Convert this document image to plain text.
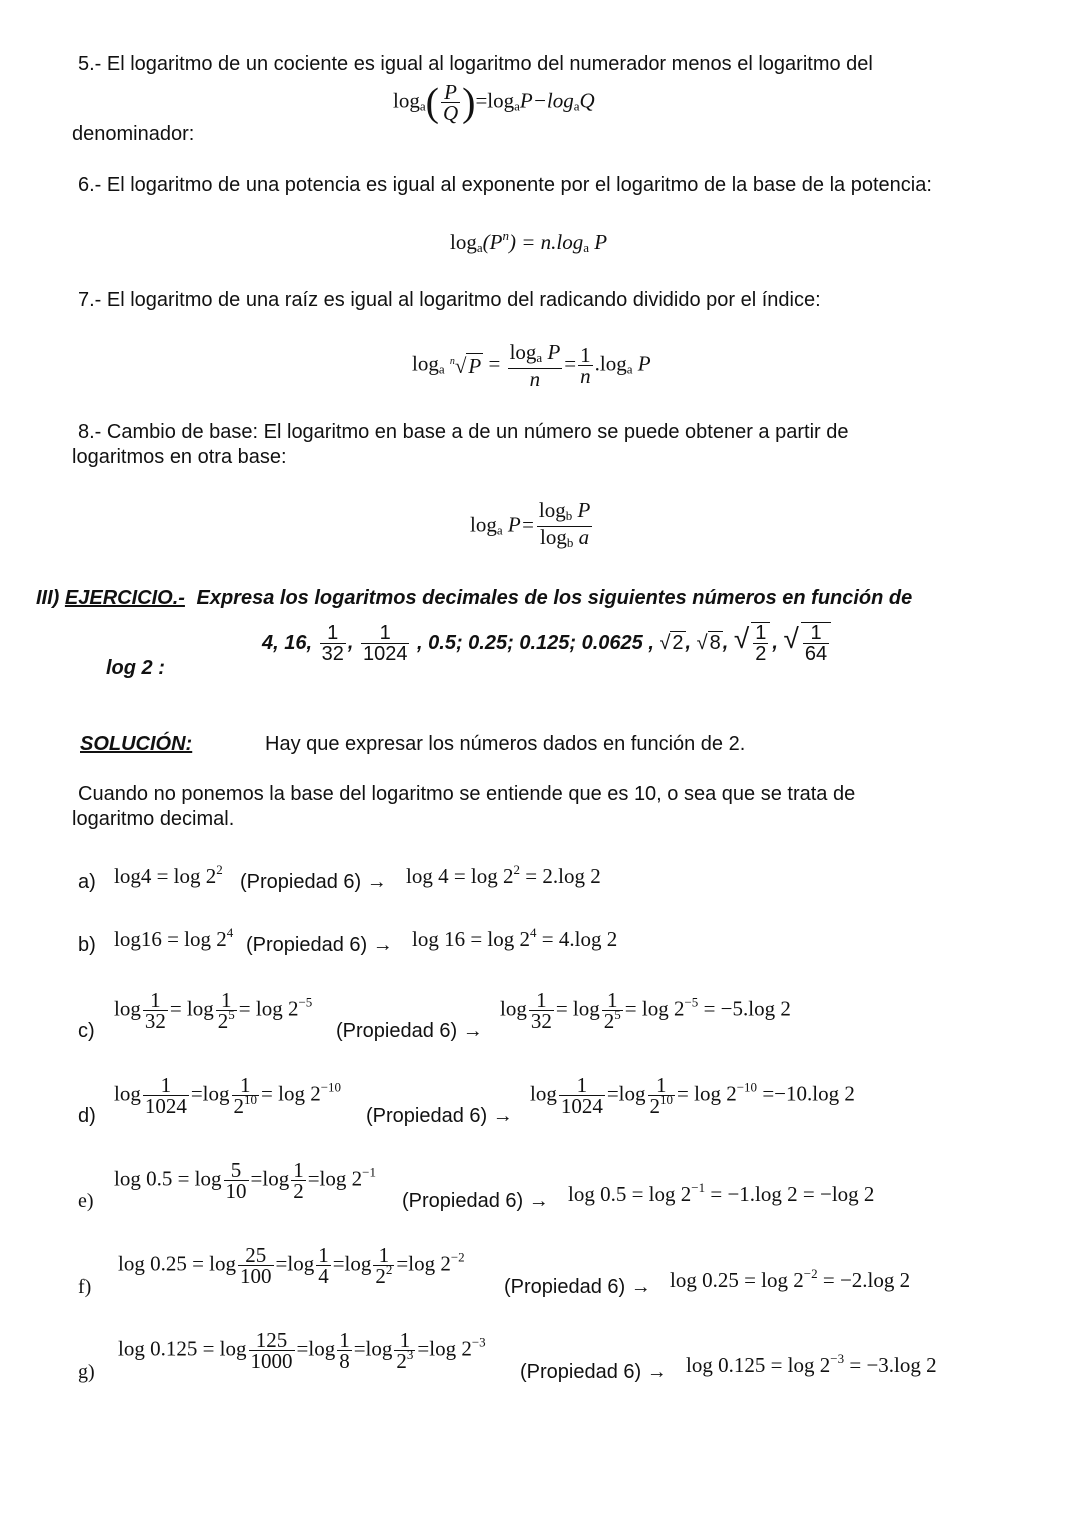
5.- El logaritmo de un cociente es igual al logaritmo del numerador menos el logaritmo del
$\log_a( \frac{P}{Q} )=\log_aP-\log_aQ$
denominador:
6.- El logaritmo de una potencia es igual al exponente por el logaritmo de la base de la potencia:
$\log_a(P^n) = n.\log_a$ P
7.- El logaritmo de una raíz es igual al logaritmo del radicando dividido por el índice:
$\log_a ^n√P = \frac{\log_a P}{n} = \frac{1}{n} .\log_a$ P
8.- Cambio de base: El logaritmo en base a de un número se puede obtener a partir de
logaritmos en otra base:
$\log_a P= \frac{\log_b P}{\log_b a}$
III) EJERCICIO.- Expresa los logaritmos decimales de los siguientes números en función de
log 2 :
4, 16, $\frac{1}{32}$ , $\frac{1}{1024}$ , 0.5; 0.25; 0.125; 0.0625 , √ 2 , √ 8 , √ $\frac{1}{2}$ , √ $\frac{1}{64}$
SOLUCIÓN:	Hay que expresar los números dados en función de 2.
Cuando no ponemos la base del logaritmo se entiende que es 10, o sea que se trata de
logaritmo decimal.
a) $\log 4 = \log 2^2$
(Propiedad $6) \to \log 4 = \log 2^2 = 2.\log$ 2
b) $\log 16 = \log 2^4$
(Propiedad $6) \to \log 16 = \log 2^4 = 4.\log$ 2
c)
$\log \frac{1}{32} = \log \frac{1}{2^5} = \log 2^{-5}$
(Propiedad 6) →
$\log \frac{1}{32} = \log \frac{1}{2^5} = \log 2^{-5} = -5.\log$ 2
d)
$\log \frac{1}{1024} =\log \frac{1}{2^{10}} = \log 2^{-10}$
(Propiedad 6) →
$\log \frac{1}{1024} =\log \frac{1}{2^{10}} = \log 2^{-10} =-10.\log$ 2
e)
$\log 0.5 = \log \frac{5}{10} =\log \frac{1}{2} =\log$ $2^{-1}$
(Propiedad $6) \to \log 0.5 = \log 2^{-1} = -1.\log$ 2 = −log 2
f)
$\log 0.25 = \log \frac{25}{100} =\log \frac{1}{4} =\log \frac{1}{2^2} =\log$ $2^{-2}$
(Propiedad $6) \to \log 0.25 = \log 2^{-2} = -2.\log$ 2
g)
$\log 0.125 = \log \frac{125}{1000} =\log \frac{1}{8} =\log \frac{1}{2^3} =\log$ $2^{-3}$
(Propiedad $6) \to \log 0.125 = \log 2^{-3} = -3.\log$ 2
